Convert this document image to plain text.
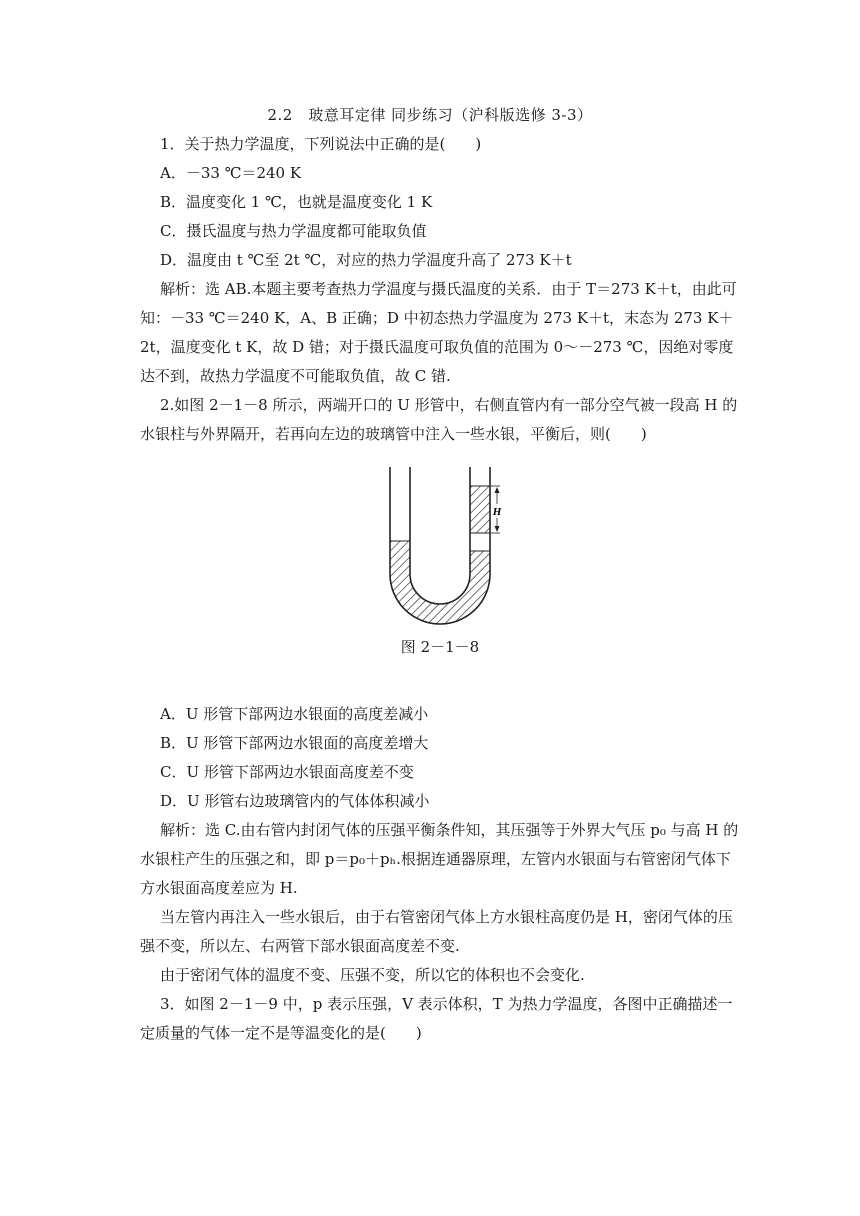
2.2　玻意耳定律 同步练习（沪科版选修 3-3）

1．关于热力学温度，下列说法中正确的是(　　)

A．－33 ℃＝240 K

B．温度变化 1 ℃，也就是温度变化 1 K

C．摄氏温度与热力学温度都可能取负值

D．温度由 t ℃至 2t ℃，对应的热力学温度升高了 273 K＋t

解析：选 AB.本题主要考查热力学温度与摄氏温度的关系．由于 T＝273 K＋t，由此可知：－33 ℃＝240 K，A、B 正确；D 中初态热力学温度为 273 K＋t，末态为 273 K＋2t，温度变化 t K，故 D 错；对于摄氏温度可取负值的范围为 0～－273 ℃，因绝对零度达不到，故热力学温度不可能取负值，故 C 错.

2.如图 2－1－8 所示，两端开口的 U 形管中，右侧直管内有一部分空气被一段高 H 的水银柱与外界隔开，若再向左边的玻璃管中注入一些水银，平衡后，则(　　)

H
图 2－1－8

A．U 形管下部两边水银面的高度差减小

B．U 形管下部两边水银面的高度差增大

C．U 形管下部两边水银面高度差不变

D．U 形管右边玻璃管内的气体体积减小

解析：选 C.由右管内封闭气体的压强平衡条件知，其压强等于外界大气压 p₀ 与高 H 的水银柱产生的压强之和，即 p＝p₀＋pₕ.根据连通器原理，左管内水银面与右管密闭气体下方水银面高度差应为 H.

当左管内再注入一些水银后，由于右管密闭气体上方水银柱高度仍是 H，密闭气体的压强不变，所以左、右两管下部水银面高度差不变.

由于密闭气体的温度不变、压强不变，所以它的体积也不会变化.

3．如图 2－1－9 中，p 表示压强，V 表示体积，T 为热力学温度，各图中正确描述一定质量的气体一定不是等温变化的是(　　)
